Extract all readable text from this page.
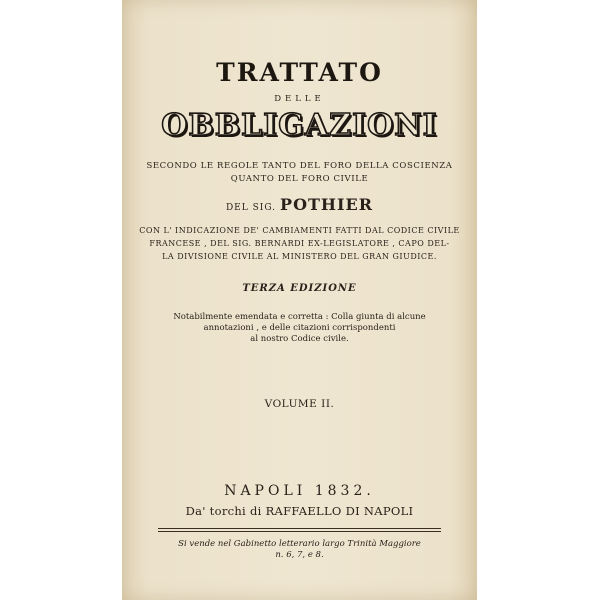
TRATTATO
DELLE
OBBLIGAZIONI
SECONDO LE REGOLE TANTO DEL FORO DELLA COSCIENZA
QUANTO DEL FORO CIVILE
DEL SIG. POTHIER
CON L' INDICAZIONE DE' CAMBIAMENTI FATTI DAL CODICE CIVILE
FRANCESE , DEL SIG. BERNARDI EX-LEGISLATORE , CAPO DEL-
LA DIVISIONE CIVILE AL MINISTERO DEL GRAN GIUDICE.
TERZA EDIZIONE
Notabilmente emendata e corretta : Colla giunta di alcune
annotazioni , e delle citazioni corrispondenti
al nostro Codice civile.
VOLUME II.
NAPOLI 1832.
Da' torchi di RAFFAELLO DI NAPOLI
Si vende nel Gabinetto letterario largo Trinità Maggiore
n. 6, 7, e 8.
